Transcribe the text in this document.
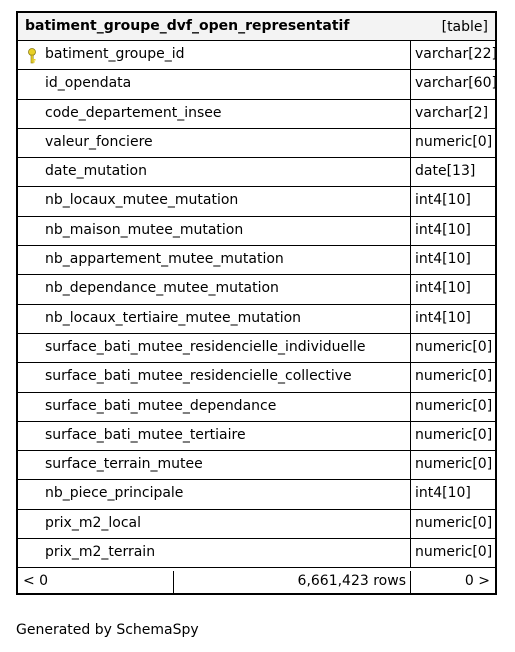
batiment_groupe_dvf_open_representatif	[table]
batiment_groupe_id	varchar[22]
id_opendata	varchar[60]
code_departement_insee	varchar[2]
valeur_fonciere	numeric[0]
date_mutation	date[13]
nb_locaux_mutee_mutation	int4[10]
nb_maison_mutee_mutation	int4[10]
nb_appartement_mutee_mutation	int4[10]
nb_dependance_mutee_mutation	int4[10]
nb_locaux_tertiaire_mutee_mutation	int4[10]
surface_bati_mutee_residencielle_individuelle	numeric[0]
surface_bati_mutee_residencielle_collective	numeric[0]
surface_bati_mutee_dependance	numeric[0]
surface_bati_mutee_tertiaire	numeric[0]
surface_terrain_mutee	numeric[0]
nb_piece_principale	int4[10]
prix_m2_local	numeric[0]
prix_m2_terrain	numeric[0]
< 0	6,661,423 rows	0 >
Generated by SchemaSpy
